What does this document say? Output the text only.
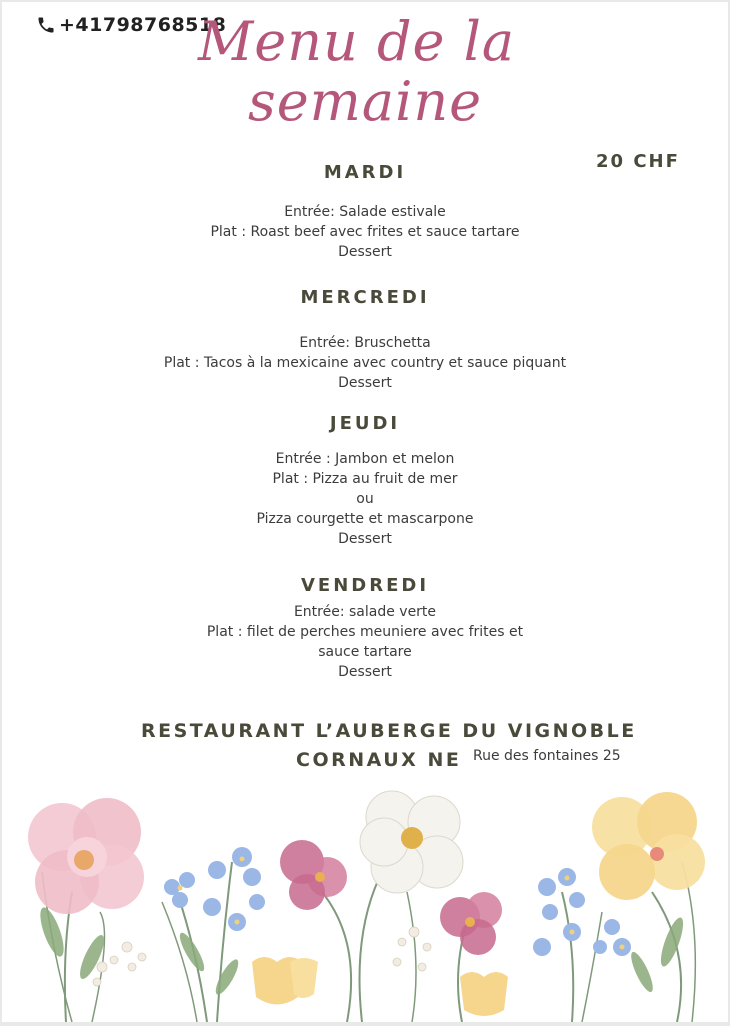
+41798768518
Menu de la
semaine
20 CHF
MARDI
Entrée: Salade estivale
Plat : Roast beef avec frites et sauce tartare
Dessert
MERCREDI
Entrée: Bruschetta
Plat : Tacos à la mexicaine avec country et sauce piquant
Dessert
JEUDI
Entrée : Jambon et melon
Plat : Pizza au fruit de mer
ou
Pizza courgette et mascarpone
Dessert
VENDREDI
Entrée: salade verte
Plat : filet de perches meuniere avec frites et
sauce tartare
Dessert
RESTAURANT L’AUBERGE DU VIGNOBLE
CORNAUX NE Rue des fontaines 25
